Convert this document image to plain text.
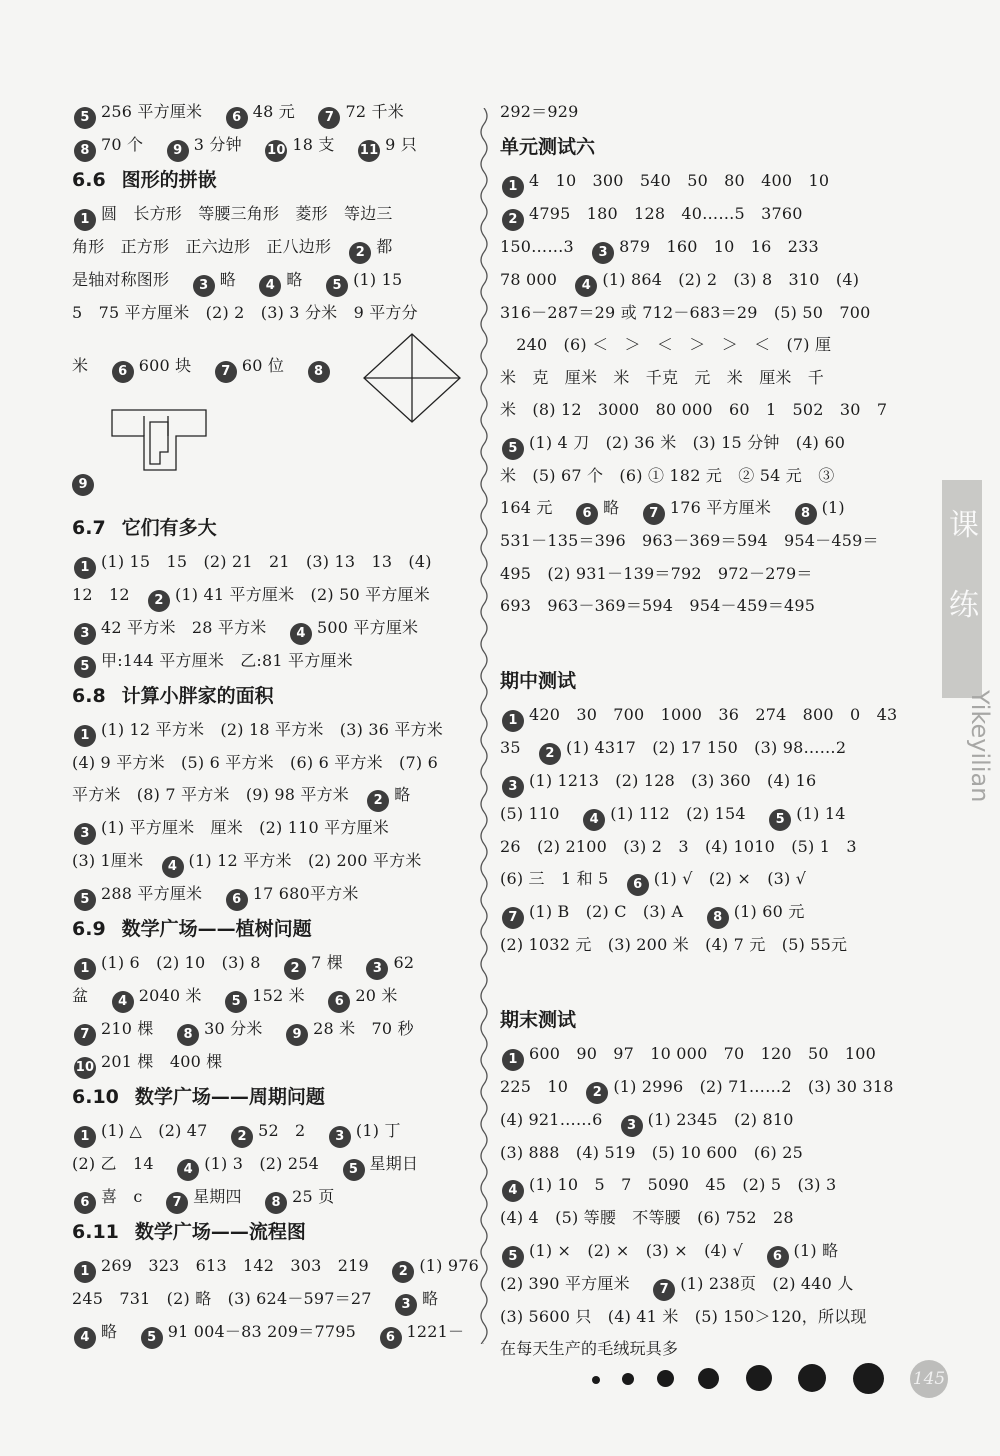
5 256 平方厘米　 6 48 元　 7 72 千米
8 70 个　 9 3 分钟　 10 18 支　 11 9 只
6.6 图形的拼嵌
1 圆　长方形　等腰三角形　菱形　等边三
角形　正方形　正六边形　正八边形　 2 都
是轴对称图形　 3 略　 4 略　 5 (1) 15
5　75 平方厘米　(2) 2　(3) 3 分米　9 平方分
米　 6 600 块　 7 60 位　 8
9
6.7 它们有多大
1 (1) 15　15　(2) 21　21　(3) 13　13　(4)
12　12　 2 (1) 41 平方厘米　(2) 50 平方厘米
3 42 平方米　28 平方米　 4 500 平方厘米
5 甲:144 平方厘米　乙:81 平方厘米
6.8 计算小胖家的面积
1 (1) 12 平方米　(2) 18 平方米　(3) 36 平方米
(4) 9 平方米　(5) 6 平方米　(6) 6 平方米　(7) 6
平方米　(8) 7 平方米　(9) 98 平方米　 2 略
3 (1) 平方厘米　厘米　(2) 110 平方厘米
(3) 1厘米　 4 (1) 12 平方米　(2) 200 平方米
5 288 平方厘米　 6 17 680平方米
6.9 数学广场——植树问题
1 (1) 6　(2) 10　(3) 8　 2 7 棵　 3 62
盆　 4 2040 米　 5 152 米　 6 20 米
7 210 棵　 8 30 分米　 9 28 米　70 秒
10 201 棵　400 棵
6.10 数学广场——周期问题
1 (1) △　(2) 47　 2 52　2　 3 (1) 丁
(2) 乙　14　 4 (1) 3　(2) 254　 5 星期日
6 喜　c　 7 星期四　 8 25 页
6.11 数学广场——流程图
1 269　323　613　142　303　219　 2 (1) 976
245　731　(2) 略　(3) 624－597＝27　 3 略
4 略　 5 91 004－83 209＝7795　 6 1221－
292＝929
单元测试六
1 4　10　300　540　50　80　400　10
2 4795　180　128　40……5　3760
150……3　 3 879　160　10　16　233
78 000　 4 (1) 864　(2) 2　(3) 8　310　(4)
316－287＝29 或 712－683＝29　(5) 50　700
　240　(6) ＜　＞　＜　＞　＞　＜　(7) 厘
米　克　厘米　米　千克　元　米　厘米　千
米　(8) 12　3000　80 000　60　1　502　30　7
5 (1) 4 刀　(2) 36 米　(3) 15 分钟　(4) 60
米　(5) 67 个　(6) ① 182 元　② 54 元　③
164 元　 6 略　 7 176 平方厘米　 8 (1)
531－135＝396　963－369＝594　954－459＝
495　(2) 931－139＝792　972－279＝
693　963－369＝594　954－459＝495
期中测试
1 420　30　700　1000　36　274　800　0　43
35　 2 (1) 4317　(2) 17 150　(3) 98……2
3 (1) 1213　(2) 128　(3) 360　(4) 16
(5) 110　 4 (1) 112　(2) 154　 5 (1) 14
26　(2) 2100　(3) 2　3　(4) 1010　(5) 1　3
(6) 三　1 和 5　 6 (1) √　(2) ×　(3) √
7 (1) B　(2) C　(3) A　 8 (1) 60 元
(2) 1032 元　(3) 200 米　(4) 7 元　(5) 55元
期末测试
1 600　90　97　10 000　70　120　50　100
225　10　 2 (1) 2996　(2) 71……2　(3) 30 318
(4) 921……6　 3 (1) 2345　(2) 810
(3) 888　(4) 519　(5) 10 600　(6) 25
4 (1) 10　5　7　5090　45　(2) 5　(3) 3
(4) 4　(5) 等腰　不等腰　(6) 752　28
5 (1) ×　(2) ×　(3) ×　(4) √　 6 (1) 略
(2) 390 平方厘米　 7 (1) 238页　(2) 440 人
(3) 5600 只　(4) 41 米　(5) 150＞120，所以现
在每天生产的毛绒玩具多
课
练
Yikeyilian
145
